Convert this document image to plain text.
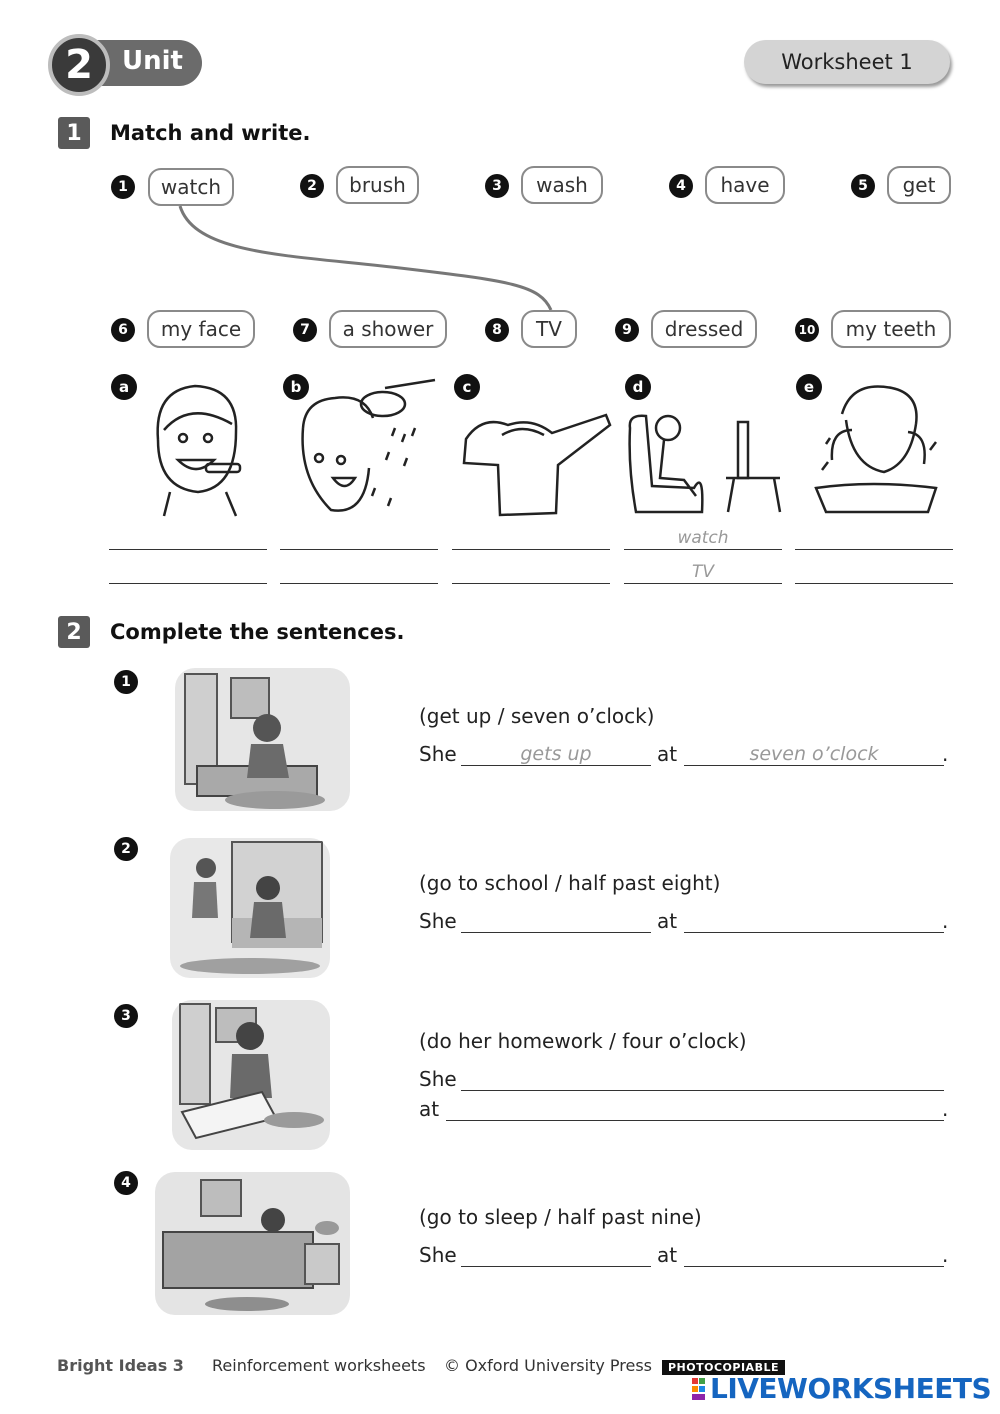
2	Unit	Worksheet 1
1	Match and write.
1	watch	2	brush	3	wash	4	have	5	get
6	my face	7	a shower	8	TV	9	dressed	10	my teeth
a	b	c	d	e
watch
TV
2	Complete the sentences.
1
(get up / seven o’clock)
She	gets up	at	seven o’clock	.
2
(go to school / half past eight)
She	at	.
3
(do her homework / four o’clock)
She
at	.
4
(go to sleep / half past nine)
She	at	.
Bright Ideas 3 Reinforcement worksheets © Oxford University Press	PHOTOCOPIABLE
LIVEWORKSHEETS
